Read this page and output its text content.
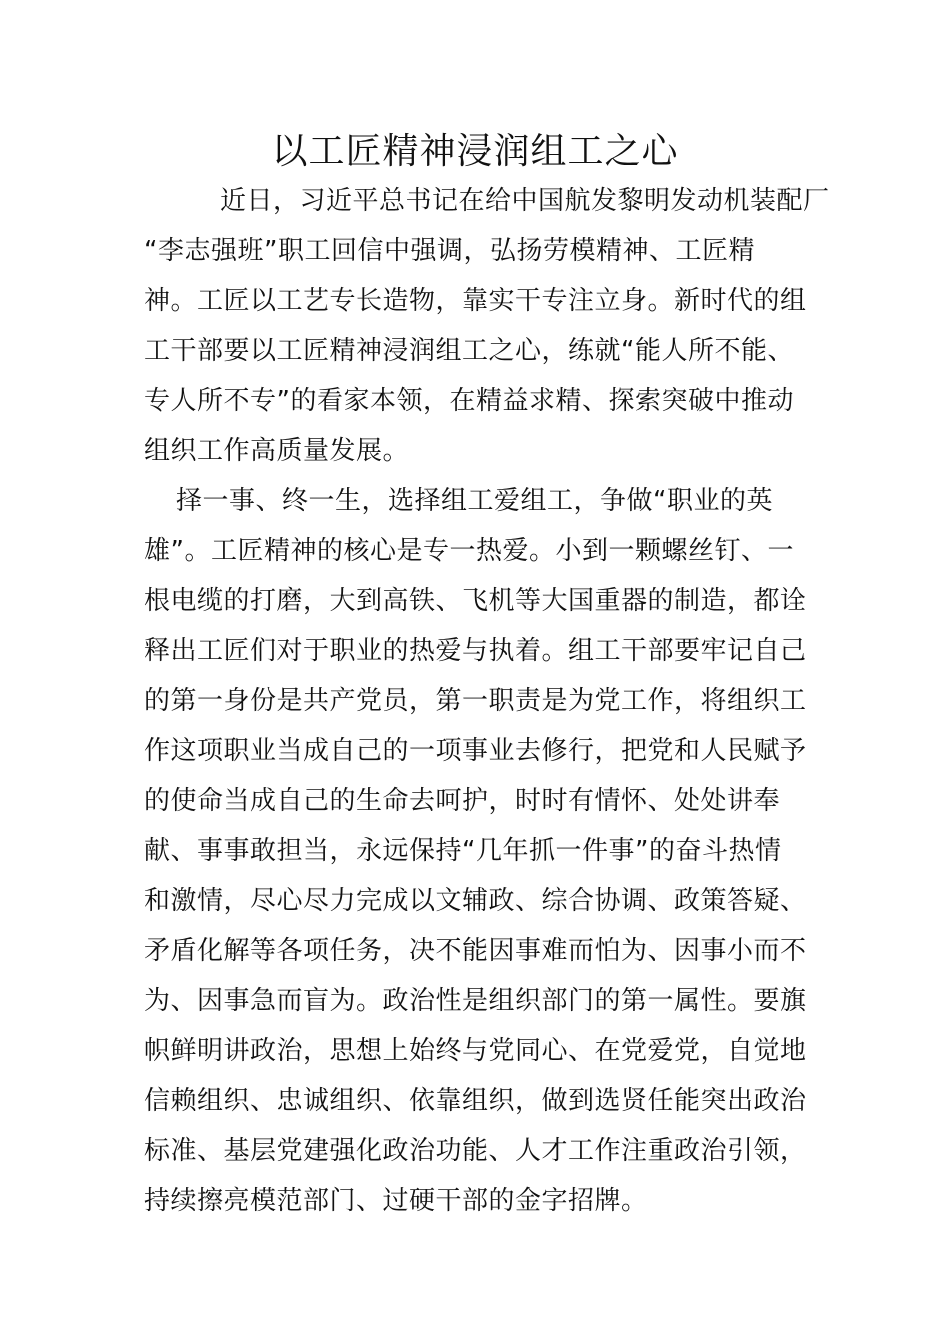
以工匠精神浸润组工之心
近日，习近平总书记在给中国航发黎明发动机装配厂
“李志强班”职工回信中强调，弘扬劳模精神、工匠精
神。工匠以工艺专长造物，靠实干专注立身。新时代的组
工干部要以工匠精神浸润组工之心，练就“能人所不能、
专人所不专”的看家本领，在精益求精、探索突破中推动
组织工作高质量发展。
择一事、终一生，选择组工爱组工，争做“职业的英
雄”。工匠精神的核心是专一热爱。小到一颗螺丝钉、一
根电缆的打磨，大到高铁、飞机等大国重器的制造，都诠
释出工匠们对于职业的热爱与执着。组工干部要牢记自己
的第一身份是共产党员，第一职责是为党工作，将组织工
作这项职业当成自己的一项事业去修行，把党和人民赋予
的使命当成自己的生命去呵护，时时有情怀、处处讲奉
献、事事敢担当，永远保持“几年抓一件事”的奋斗热情
和激情，尽心尽力完成以文辅政、综合协调、政策答疑、
矛盾化解等各项任务，决不能因事难而怕为、因事小而不
为、因事急而盲为。政治性是组织部门的第一属性。要旗
帜鲜明讲政治，思想上始终与党同心、在党爱党，自觉地
信赖组织、忠诚组织、依靠组织，做到选贤任能突出政治
标准、基层党建强化政治功能、人才工作注重政治引领，
持续擦亮模范部门、过硬干部的金字招牌。
